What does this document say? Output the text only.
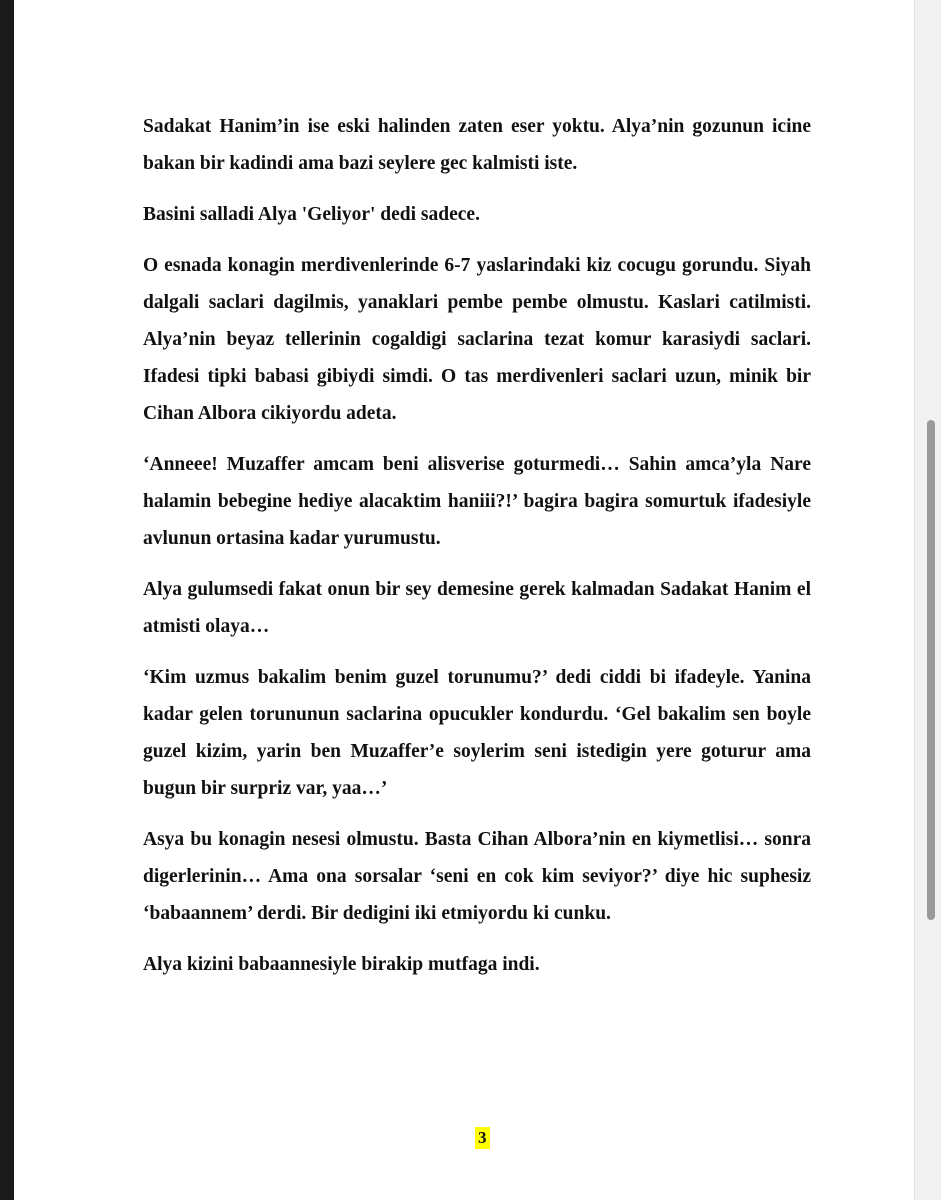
Sadakat Hanim’in ise eski halinden zaten eser yoktu. Alya’nin gozunun icine bakan bir kadindi ama bazi seylere gec kalmisti iste.

Basini salladi Alya 'Geliyor' dedi sadece.

O esnada konagin merdivenlerinde 6-7 yaslarindaki kiz cocugu gorundu. Siyah dalgali saclari dagilmis, yanaklari pembe pembe olmustu. Kaslari catilmisti. Alya’nin beyaz tellerinin cogaldigi saclarina tezat komur karasiydi saclari. Ifadesi tipki babasi gibiydi simdi. O tas merdivenleri saclari uzun, minik bir Cihan Albora cikiyordu adeta.

‘Anneee! Muzaffer amcam beni alisverise goturmedi… Sahin amca’yla Nare halamin bebegine hediye alacaktim haniii?!’ bagira bagira somurtuk ifadesiyle avlunun ortasina kadar yurumustu.

Alya gulumsedi fakat onun bir sey demesine gerek kalmadan Sadakat Hanim el atmisti olaya…

‘Kim uzmus bakalim benim guzel torunumu?’ dedi ciddi bi ifadeyle. Yanina kadar gelen torununun saclarina opucukler kondurdu. ‘Gel bakalim sen boyle guzel kizim, yarin ben Muzaffer’e soylerim seni istedigin yere goturur ama bugun bir surpriz var, yaa…’

Asya bu konagin nesesi olmustu. Basta Cihan Albora’nin en kiymetlisi… sonra digerlerinin… Ama ona sorsalar ‘seni en cok kim seviyor?’ diye hic suphesiz ‘babaannem’ derdi. Bir dedigini iki etmiyordu ki cunku.

Alya kizini babaannesiyle birakip mutfaga indi.

3
